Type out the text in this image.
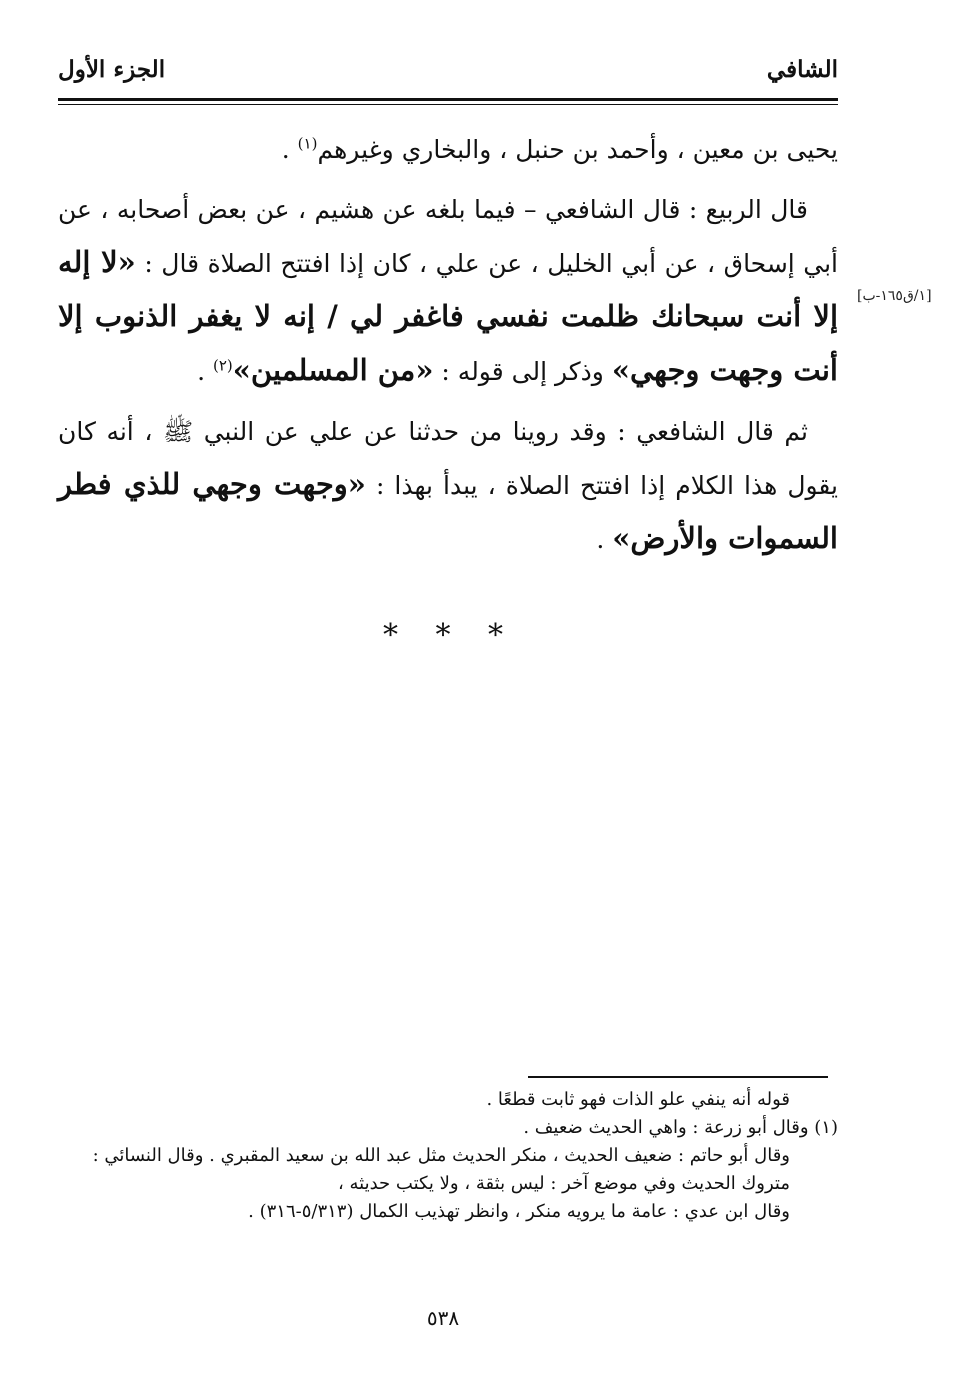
الشافي
الجزء الأول

يحيى بن معين ، وأحمد بن حنبل ، والبخاري وغيرهم$^{(١)}$ .

قال الربيع : قال الشافعي – فيما بلغه عن هشيم ، عن بعض أصحابه ، عن أبي إسحاق ، عن أبي الخليل ، عن علي ، كان إذا افتتح الصلاة قال : «لا إله إلا أنت سبحانك ظلمت نفسي فاغفر لي / إنه لا يغفر الذنوب إلا أنت وجهت وجهي» وذكر إلى قوله : «من المسلمين»$^{(٢)}$ .

ثم قال الشافعي : وقد روينا من حدثنا عن علي عن النبي ﷺ ، أنه كان يقول هذا الكلام إذا افتتح الصلاة ، يبدأ بهذا : «وجهت وجهي للذي فطر السموات والأرض» .

[١/ق١٦٥-ب]
* * *

قوله أنه ينفي علو الذات فهو ثابت قطعًا .

(١) وقال أبو زرعة : واهي الحديث ضعيف .

وقال أبو حاتم : ضعيف الحديث ، منكر الحديث مثل عبد الله بن سعيد المقبري . وقال النسائي :

متروك الحديث وفي موضع آخر : ليس بثقة ، ولا يكتب حديثه ،

وقال ابن عدي : عامة ما يرويه منكر ، وانظر تهذيب الكمال (٥/٣١٣-٣١٦) .

٥٣٨
